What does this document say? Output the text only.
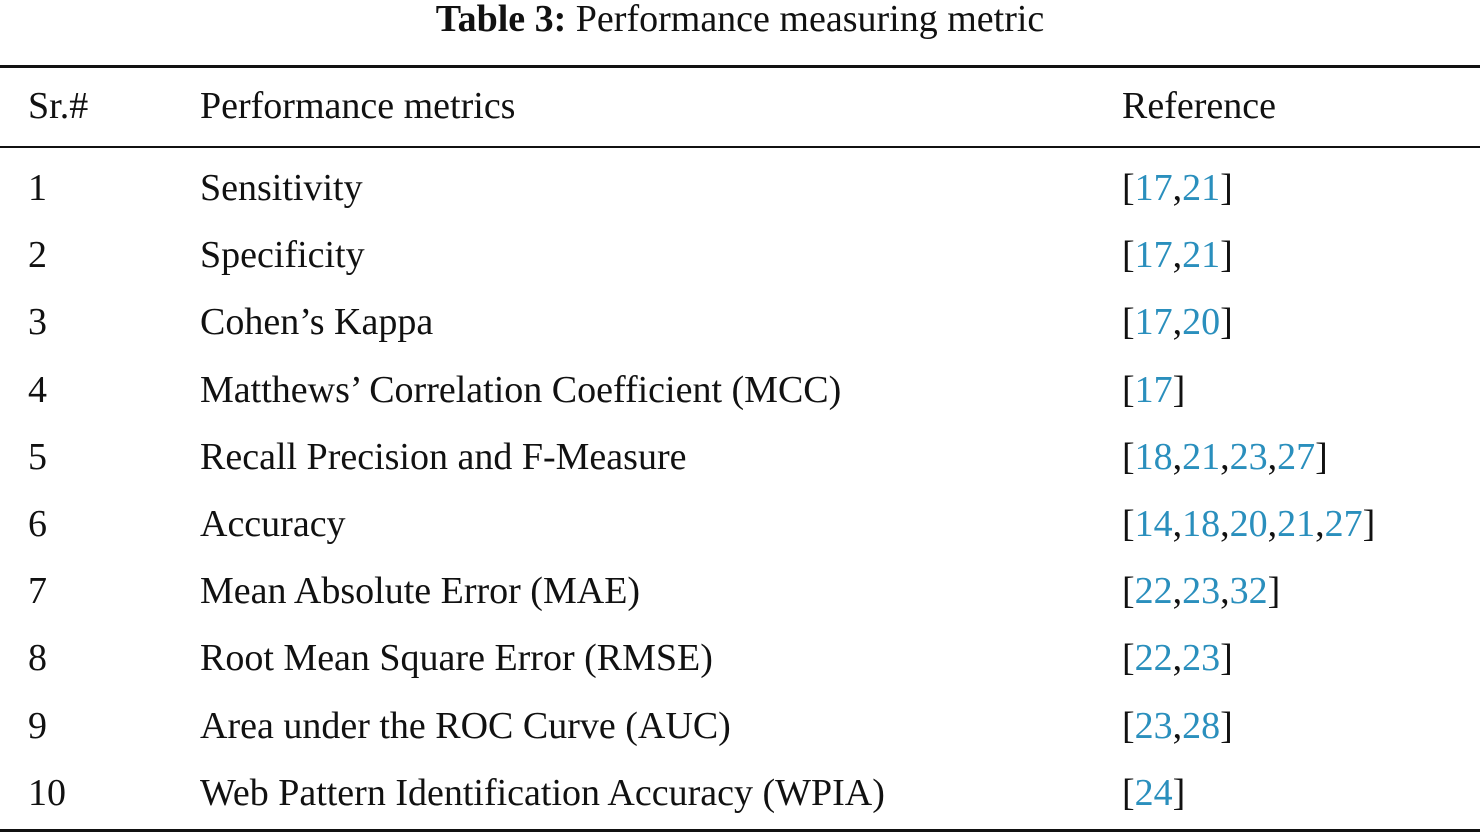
Table 3: Performance measuring metric
Sr.#	Performance metrics	Reference
1	Sensitivity	[17,21]
2	Specificity	[17,21]
3	Cohen’s Kappa	[17,20]
4	Matthews’ Correlation Coefficient (MCC)	[17]
5	Recall Precision and F-Measure	[18,21,23,27]
6	Accuracy	[14,18,20,21,27]
7	Mean Absolute Error (MAE)	[22,23,32]
8	Root Mean Square Error (RMSE)	[22,23]
9	Area under the ROC Curve (AUC)	[23,28]
10	Web Pattern Identification Accuracy (WPIA)	[24]
